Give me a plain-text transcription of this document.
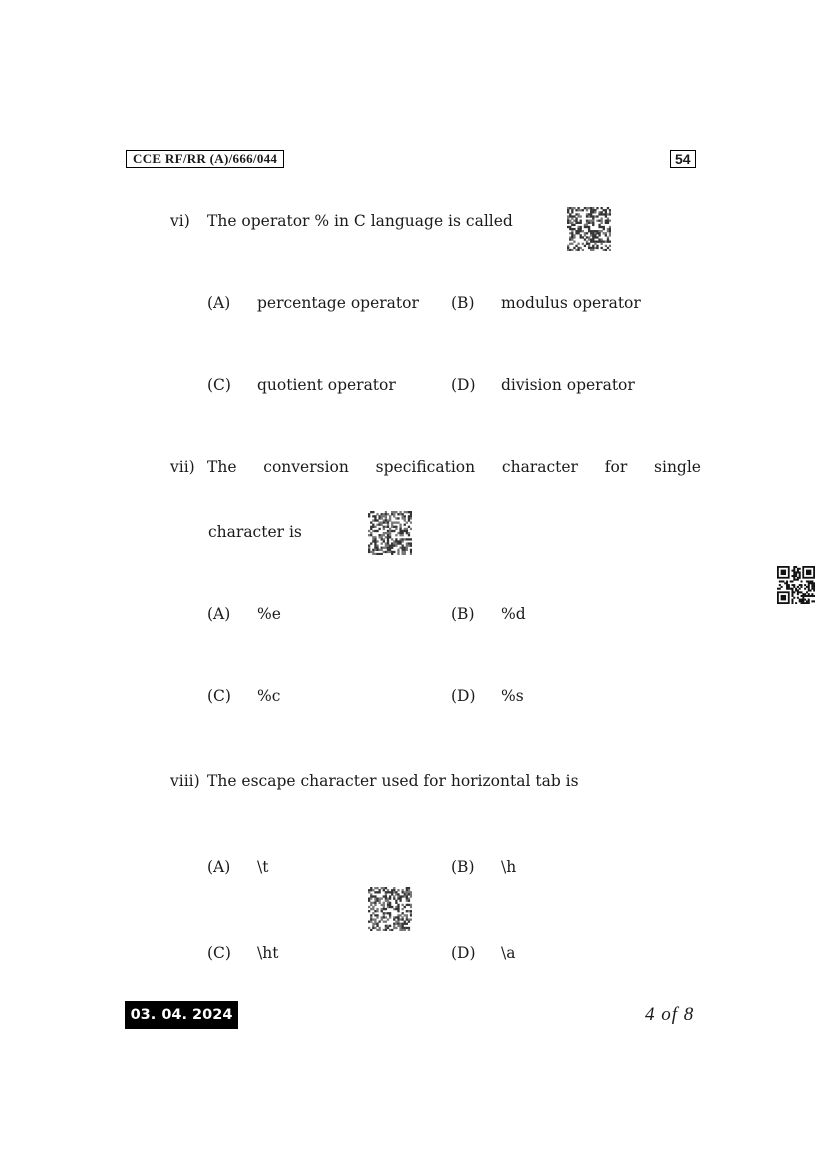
CCE RF/RR (A)/666/044	54
vi) The operator % in C language is called
(A) percentage operator (B) modulus operator
(C) quotient operator	(D) division operator
vii) The conversion specification character for single
character is
(A) %e	(B) %d
(C) %c	(D) %s
viii) The escape character used for horizontal tab is
(A) \t	(B) \h
(C) \ht	(D) \a
03. 04. 2024	4 of 8
